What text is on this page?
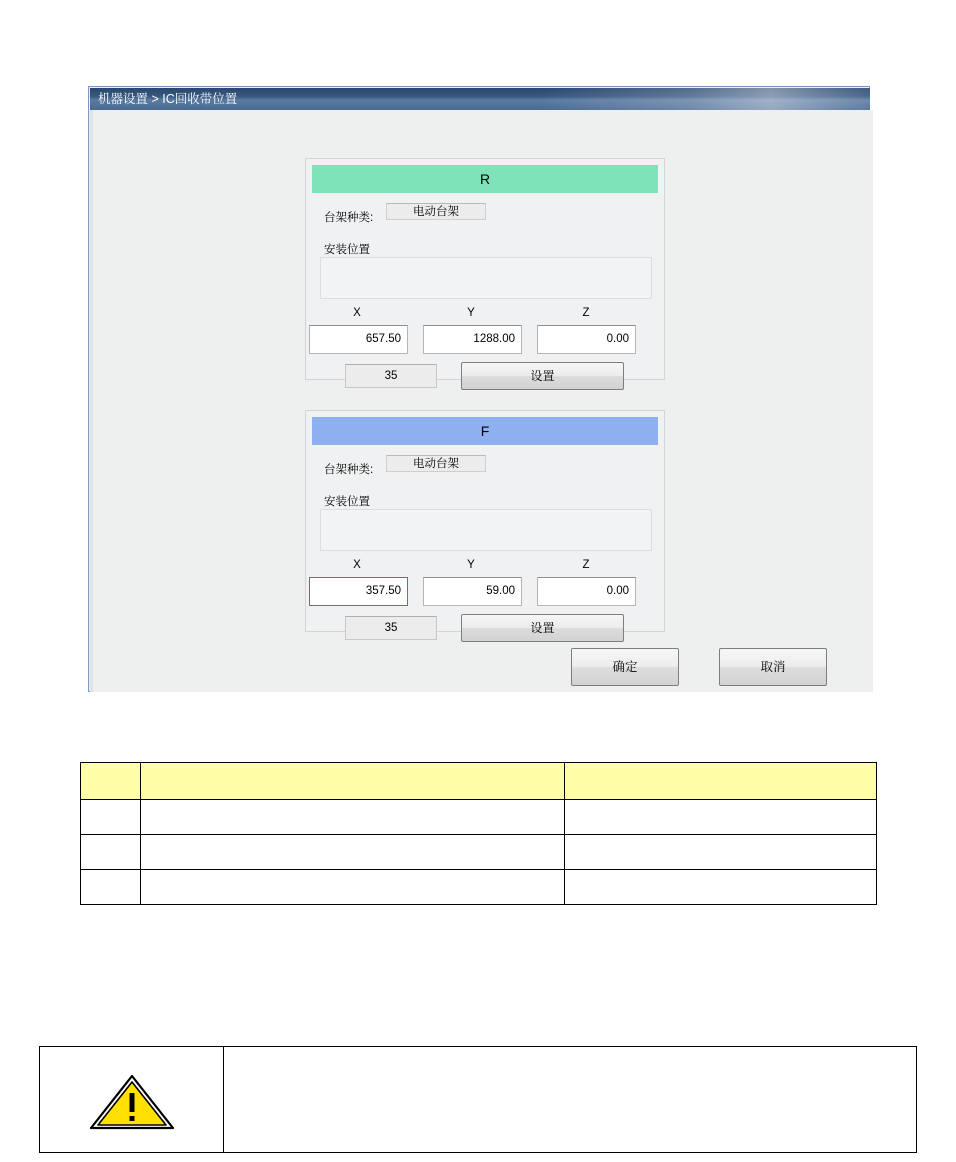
机器设置 > IC回收带位置
R
台架种类:	电动台架
安装位置
35	设置
X	Y	Z
657.50	1288.00	0.00
F
台架种类:	电动台架
安装位置
35	设置
X	Y	Z
357.50	59.00	0.00
确定	取消
